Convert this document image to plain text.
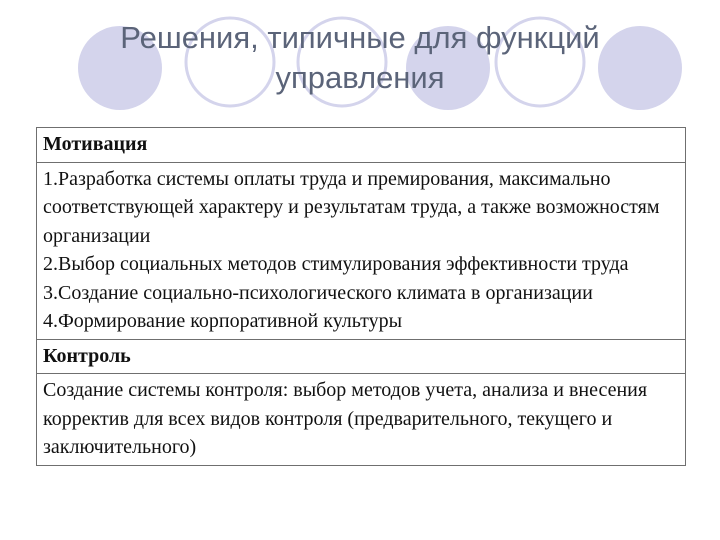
Решения, типичные для функций
управления
Мотивация

1.Разработка системы оплаты труда и премирования, максимально соответствующей характеру и результатам труда, а также возможностям организации
2.Выбор социальных методов стимулирования эффективности труда
3.Создание социально-психологического климата в организации
4.Формирование корпоративной культуры

Контроль

Создание системы контроля: выбор методов учета, анализа и внесения корректив для всех видов контроля (предварительного, текущего и заключительного)
